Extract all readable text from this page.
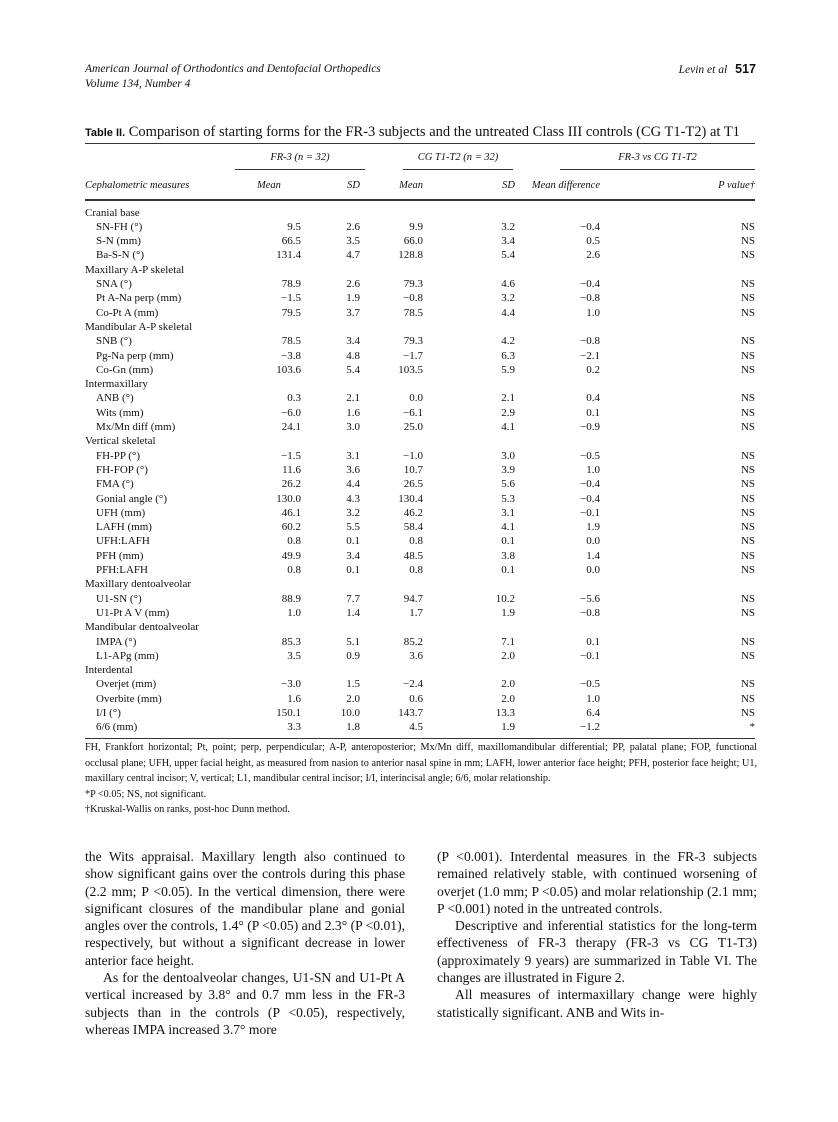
American Journal of Orthodontics and Dentofacial Orthopedics
Volume 134, Number 4
Levin et al 517
Table II. Comparison of starting forms for the FR-3 subjects and the untreated Class III controls (CG T1-T2) at T1
	FR-3 (n = 32)			CG T1-T2 (n = 32)		FR-3 vs CG T1-T2
Cephalometric measures	Mean	SD	Mean	SD	Mean difference	P value†
Cranial base						
SN-FH (°)	9.5	2.6	9.9	3.2	−0.4	NS
S-N (mm)	66.5	3.5	66.0	3.4	0.5	NS
Ba-S-N (°)	131.4	4.7	128.8	5.4	2.6	NS
Maxillary A-P skeletal						
SNA (°)	78.9	2.6	79.3	4.6	−0.4	NS
Pt A-Na perp (mm)	−1.5	1.9	−0.8	3.2	−0.8	NS
Co-Pt A (mm)	79.5	3.7	78.5	4.4	1.0	NS
Mandibular A-P skeletal						
SNB (°)	78.5	3.4	79.3	4.2	−0.8	NS
Pg-Na perp (mm)	−3.8	4.8	−1.7	6.3	−2.1	NS
Co-Gn (mm)	103.6	5.4	103.5	5.9	0.2	NS
Intermaxillary						
ANB (°)	0.3	2.1	0.0	2.1	0.4	NS
Wits (mm)	−6.0	1.6	−6.1	2.9	0.1	NS
Mx/Mn diff (mm)	24.1	3.0	25.0	4.1	−0.9	NS
Vertical skeletal						
FH-PP (°)	−1.5	3.1	−1.0	3.0	−0.5	NS
FH-FOP (°)	11.6	3.6	10.7	3.9	1.0	NS
FMA (°)	26.2	4.4	26.5	5.6	−0.4	NS
Gonial angle (°)	130.0	4.3	130.4	5.3	−0.4	NS
UFH (mm)	46.1	3.2	46.2	3.1	−0.1	NS
LAFH (mm)	60.2	5.5	58.4	4.1	1.9	NS
UFH:LAFH	0.8	0.1	0.8	0.1	0.0	NS
PFH (mm)	49.9	3.4	48.5	3.8	1.4	NS
PFH:LAFH	0.8	0.1	0.8	0.1	0.0	NS
Maxillary dentoalveolar						
U1-SN (°)	88.9	7.7	94.7	10.2	−5.6	NS
U1-Pt A V (mm)	1.0	1.4	1.7	1.9	−0.8	NS
Mandibular dentoalveolar						
IMPA (°)	85.3	5.1	85.2	7.1	0.1	NS
L1-APg (mm)	3.5	0.9	3.6	2.0	−0.1	NS
Interdental						
Overjet (mm)	−3.0	1.5	−2.4	2.0	−0.5	NS
Overbite (mm)	1.6	2.0	0.6	2.0	1.0	NS
I/I (°)	150.1	10.0	143.7	13.3	6.4	NS
6/6 (mm)	3.3	1.8	4.5	1.9	−1.2	*
FH, Frankfort horizontal; Pt, point; perp, perpendicular; A-P, anteroposterior; Mx/Mn diff, maxillomandibular differential; PP, palatal plane; FOP, functional occlusal plane; UFH, upper facial height, as measured from nasion to anterior nasal spine in mm; LAFH, lower anterior face height; PFH, posterior face height; U1, maxillary central incisor; V, vertical; L1, mandibular central incisor; I/I, interincisal angle; 6/6, molar relationship.
*P <0.05; NS, not significant.
†Kruskal-Wallis on ranks, post-hoc Dunn method.

the Wits appraisal. Maxillary length also continued to show significant gains over the controls during this phase (2.2 mm; P <0.05). In the vertical dimension, there were significant closures of the mandibular plane and gonial angles over the controls, 1.4° (P <0.05) and 2.3° (P <0.01), respectively, but without a significant decrease in lower anterior face height.

As for the dentoalveolar changes, U1-SN and U1-Pt A vertical increased by 3.8° and 0.7 mm less in the FR-3 subjects than in the controls (P <0.05), respectively, whereas IMPA increased 3.7° more

(P <0.001). Interdental measures in the FR-3 subjects remained relatively stable, with continued worsening of overjet (1.0 mm; P <0.05) and molar relationship (2.1 mm; P <0.001) noted in the untreated controls.

Descriptive and inferential statistics for the long-term effectiveness of FR-3 therapy (FR-3 vs CG T1-T3) (approximately 9 years) are summarized in Table VI. The changes are illustrated in Figure 2.

All measures of intermaxillary change were highly statistically significant. ANB and Wits in-
